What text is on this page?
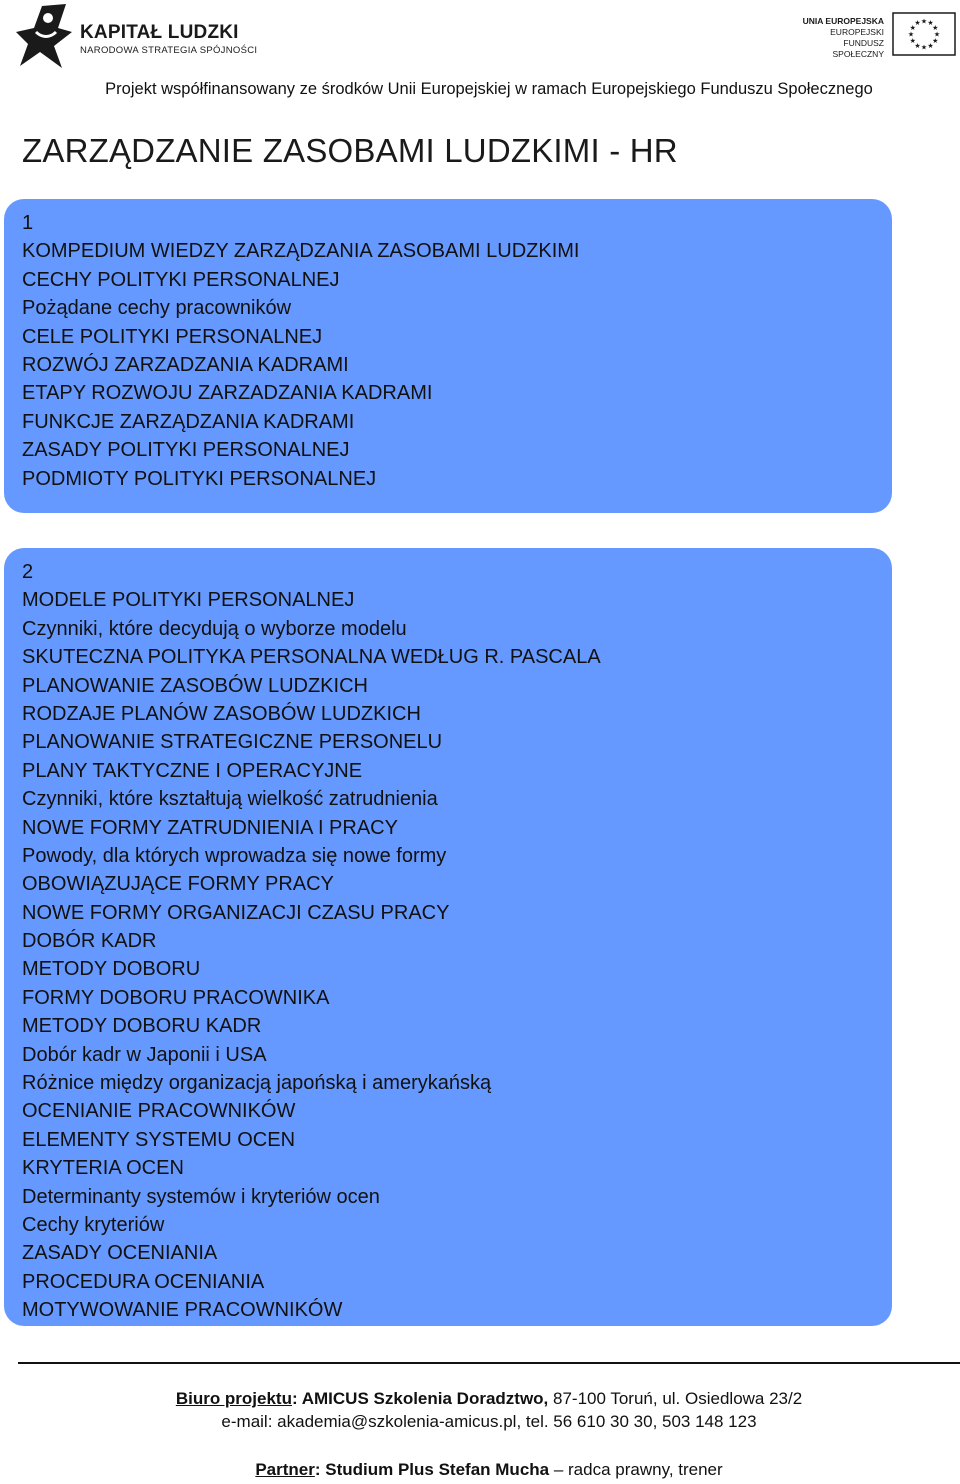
KAPITAŁ LUDZKI
NARODOWA STRATEGIA SPÓJNOŚCI
UNIA EUROPEJSKA
EUROPEJSKI
FUNDUSZ SPOŁECZNY
★
★
★
★
★
★
★
★
★ ★ ★
★
Projekt współfinansowany ze środków Unii Europejskiej w ramach Europejskiego Funduszu Społecznego
ZARZĄDZANIE ZASOBAMI LUDZKIMI - HR
1
KOMPEDIUM WIEDZY ZARZĄDZANIA ZASOBAMI LUDZKIMI
CECHY POLITYKI PERSONALNEJ
Pożądane cechy pracowników
CELE POLITYKI PERSONALNEJ
ROZWÓJ ZARZADZANIA KADRAMI
ETAPY ROZWOJU ZARZADZANIA KADRAMI
FUNKCJE ZARZĄDZANIA KADRAMI
ZASADY POLITYKI PERSONALNEJ
PODMIOTY POLITYKI PERSONALNEJ
2
MODELE POLITYKI PERSONALNEJ
Czynniki, które decydują o wyborze modelu
SKUTECZNA POLITYKA PERSONALNA WEDŁUG R. PASCALA
PLANOWANIE ZASOBÓW LUDZKICH
RODZAJE PLANÓW ZASOBÓW LUDZKICH
PLANOWANIE STRATEGICZNE PERSONELU
PLANY TAKTYCZNE I OPERACYJNE
Czynniki, które kształtują wielkość zatrudnienia
NOWE FORMY ZATRUDNIENIA I PRACY
Powody, dla których wprowadza się nowe formy
OBOWIĄZUJĄCE FORMY PRACY
NOWE FORMY ORGANIZACJI CZASU PRACY
DOBÓR KADR
METODY DOBORU
FORMY DOBORU PRACOWNIKA
METODY DOBORU KADR
Dobór kadr w Japonii i USA
Różnice między organizacją japońską i amerykańską
OCENIANIE PRACOWNIKÓW
ELEMENTY SYSTEMU OCEN
KRYTERIA OCEN
Determinanty systemów i kryteriów ocen
Cechy kryteriów
ZASADY OCENIANIA
PROCEDURA OCENIANIA
MOTYWOWANIE PRACOWNIKÓW
Biuro projektu: AMICUS Szkolenia Doradztwo, 87-100 Toruń, ul. Osiedlowa 23/2
e-mail: akademia@szkolenia-amicus.pl, tel. 56 610 30 30, 503 148 123
Partner: Studium Plus Stefan Mucha – radca prawny, trener
